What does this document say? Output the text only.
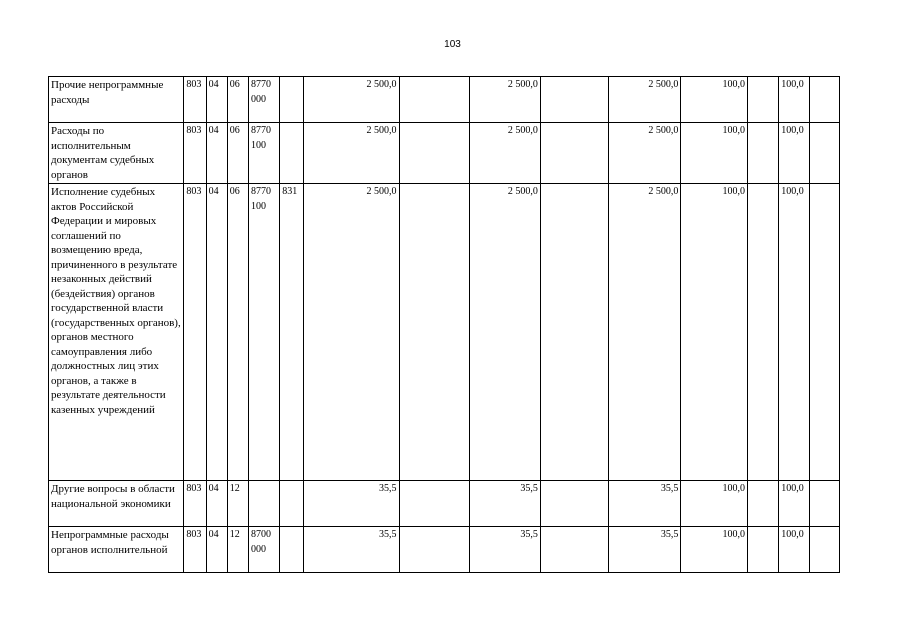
103
Прочие непрограммные расходы	803	04	06	8770 000		2 500,0		2 500,0		2 500,0	100,0		100,0	
Расходы по исполнительным документам судебных органов	803	04	06	8770 100		2 500,0		2 500,0		2 500,0	100,0		100,0	
Исполнение судебных актов Российской Федерации и мировых соглашений по возмещению вреда, причиненного в результате незаконных действий (бездействия) органов государственной власти (государственных органов), органов местного самоуправления либо должностных лиц этих органов, а также в результате деятельности казенных учреждений	803	04	06	8770 100	831	2 500,0		2 500,0		2 500,0	100,0		100,0	
Другие вопросы в области национальной экономики	803	04	12			35,5		35,5		35,5	100,0		100,0	
Непрограммные расходы органов исполнительной	803	04	12	8700 000		35,5		35,5		35,5	100,0		100,0	
